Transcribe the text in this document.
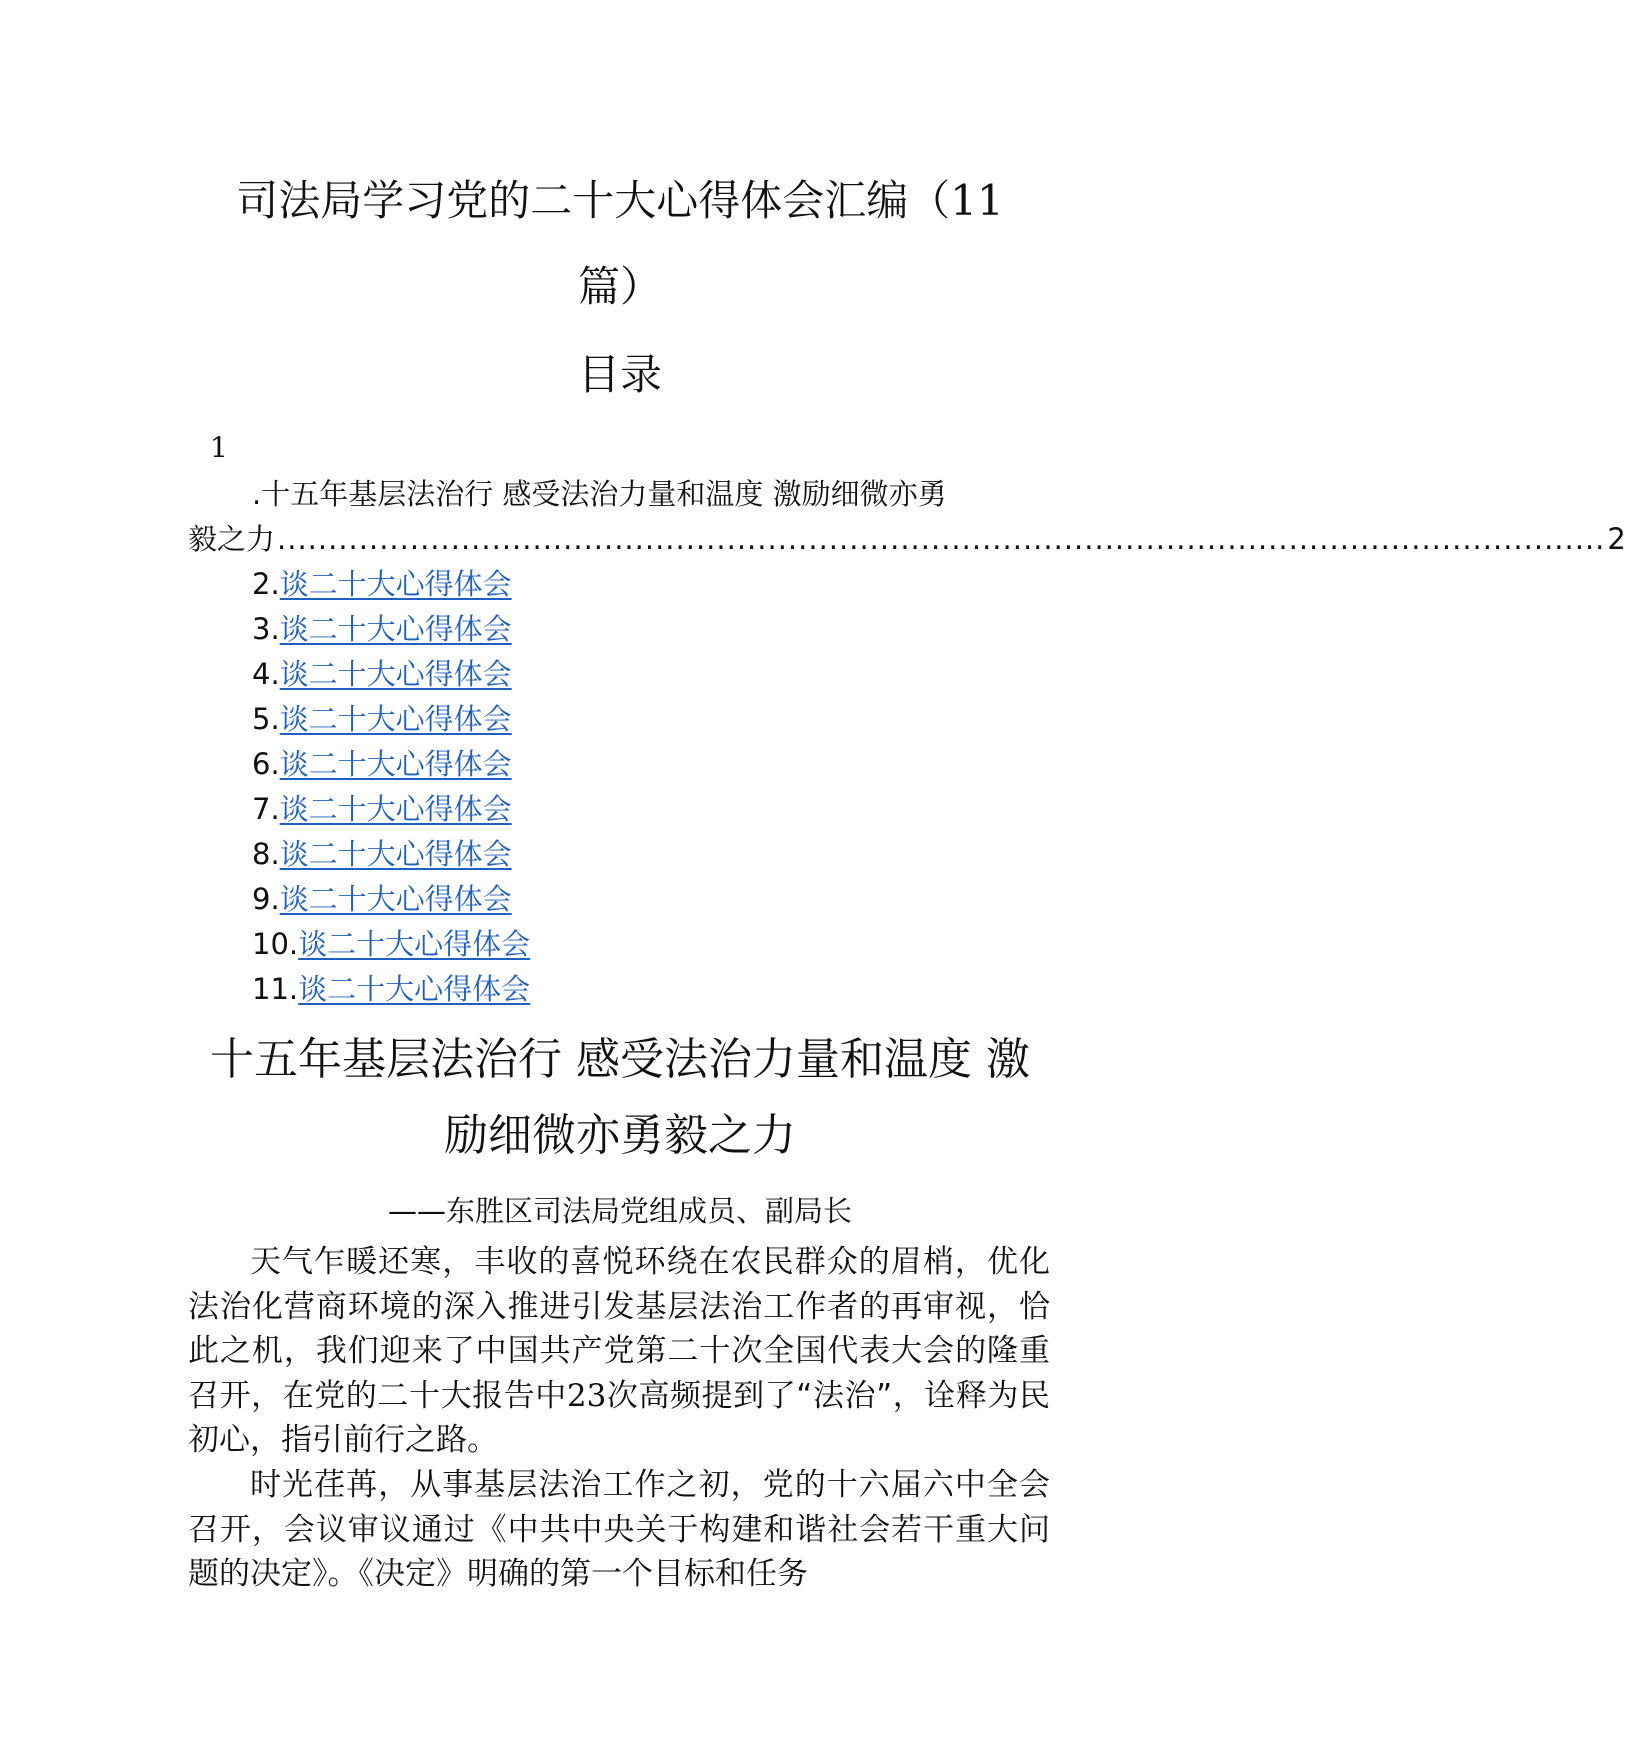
司法局学习党的二十大心得体会汇编（11
篇）
目录
1
.十五年基层法治行 感受法治力量和温度 激励细微亦勇
毅之力 .................................................................................................................................. 2
2.谈二十大心得体会
3.谈二十大心得体会
4.谈二十大心得体会
5.谈二十大心得体会
6.谈二十大心得体会
7.谈二十大心得体会
8.谈二十大心得体会
9.谈二十大心得体会
10.谈二十大心得体会
11.谈二十大心得体会
十五年基层法治行 感受法治力量和温度 激
励细微亦勇毅之力
——东胜区司法局党组成员、副局长

天气乍暖还寒，丰收的喜悦环绕在农民群众的眉梢，优化法治化营商环境的深入推进引发基层法治工作者的再审视，恰此之机，我们迎来了中国共产党第二十次全国代表大会的隆重召开，在党的二十大报告中23次高频提到了“法治”，诠释为民初心，指引前行之路。

时光荏苒，从事基层法治工作之初，党的十六届六中全会召开，会议审议通过《中共中央关于构建和谐社会若干重大问题的决定》。《决定》明确的第一个目标和任务
